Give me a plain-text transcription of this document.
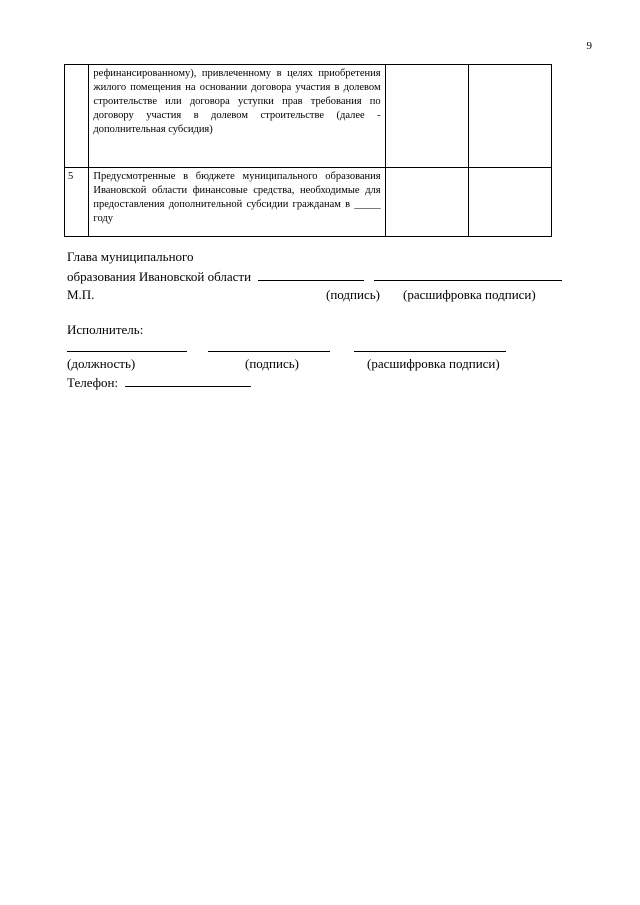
9
	рефинансированному), привлеченному в целях приобретения жилого помещения на основании договора участия в долевом строительстве или договора уступки прав требования по договору участия в долевом строительстве (далее - дополнительная субсидия)		
5	Предусмотренные в бюджете муниципального образования Ивановской области финансовые средства, необходимые для предоставления дополнительной субсидии гражданам в _____ году		
Глава муниципального
образования Ивановской области
М.П.	(подпись) (расшифровка подписи)
Исполнитель:

(должность)	(подпись)	(расшифровка подписи)
Телефон:
